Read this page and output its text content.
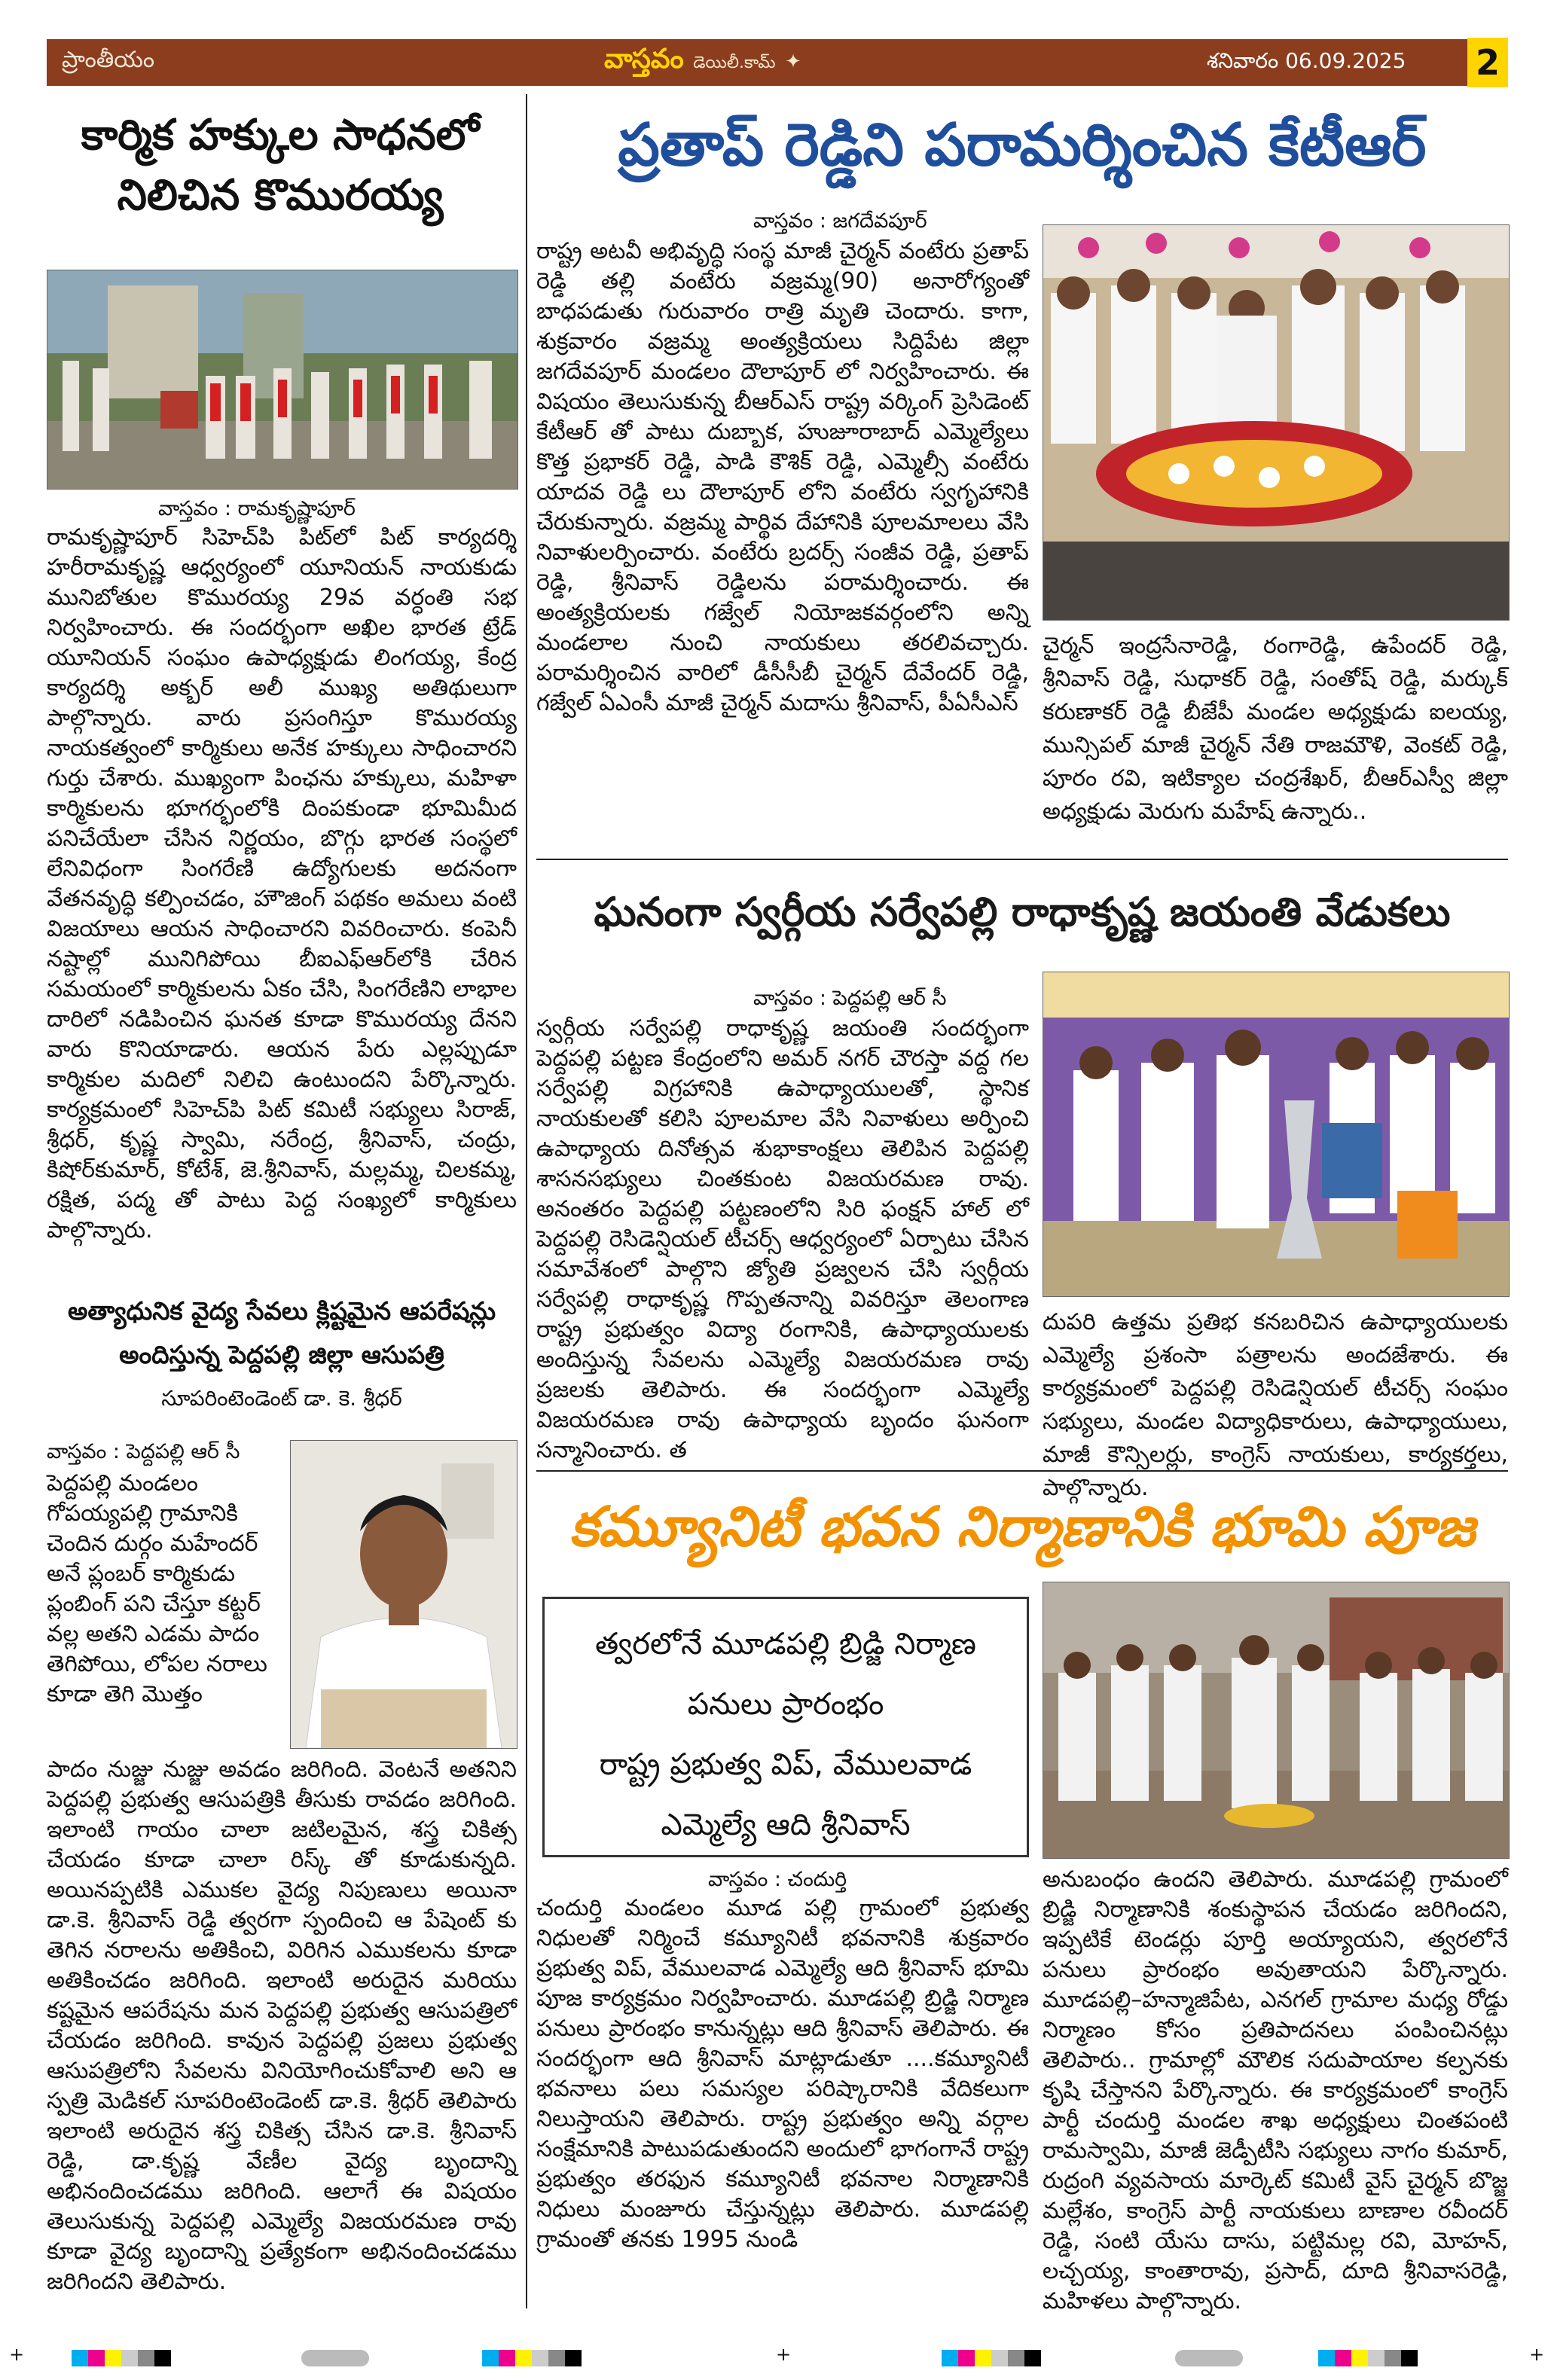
ప్రాంతీయం	వాస్తవం డెయిలీ.కామ్ ✦	శనివారం 06.09.2025 2
కార్మిక హక్కుల సాధనలో
నిలిచిన కొమురయ్య
వాస్తవం : రామకృష్ణాపూర్

రామకృష్ణాపూర్ సిహెచ్‌పి పిట్‌లో పిట్ కార్యదర్శి హరీరామకృష్ణ ఆధ్వర్యంలో యూనియన్ నాయకుడు మునిబోతుల కొమురయ్య 29వ వర్ధంతి సభ నిర్వహించారు. ఈ సందర్భంగా అఖిల భారత ట్రేడ్ యూనియన్ సంఘం ఉపాధ్యక్షుడు లింగయ్య, కేంద్ర కార్యదర్శి అక్బర్ అలీ ముఖ్య అతిథులుగా పాల్గొన్నారు. వారు ప్రసంగిస్తూ కొమురయ్య నాయకత్వంలో కార్మికులు అనేక హక్కులు సాధించారని గుర్తు చేశారు. ముఖ్యంగా పింఛను హక్కులు, మహిళా కార్మికులను భూగర్భంలోకి దింపకుండా భూమిమీద పనిచేయేలా చేసిన నిర్ణయం, బొగ్గు భారత సంస్థలో లేనివిధంగా సింగరేణి ఉద్యోగులకు అదనంగా వేతనవృద్ధి కల్పించడం, హౌజింగ్ పథకం అమలు వంటి విజయాలు ఆయన సాధించారని వివరించారు. కంపెనీ నష్టాల్లో మునిగిపోయి బీఐఎఫ్‌ఆర్‌లోకి చేరిన సమయంలో కార్మికులను ఏకం చేసి, సింగరేణిని లాభాల దారిలో నడిపించిన ఘనత కూడా కొమురయ్య దేనని వారు కొనియాడారు. ఆయన పేరు ఎల్లప్పుడూ కార్మికుల మదిలో నిలిచి ఉంటుందని పేర్కొన్నారు. కార్యక్రమంలో సిహెచ్‌పి పిట్ కమిటీ సభ్యులు సిరాజ్, శ్రీధర్, కృష్ణ స్వామి, నరేంద్ర, శ్రీనివాస్, చంద్రు, కిషోర్‌కుమార్, కోటేశ్, జె.శ్రీనివాస్, మల్లమ్మ, చిలకమ్మ, రక్షిత, పద్మ తో పాటు పెద్ద సంఖ్యలో కార్మికులు పాల్గొన్నారు.

అత్యాధునిక వైద్య సేవలు క్లిష్టమైన ఆపరేషన్లు
అందిస్తున్న పెద్దపల్లి జిల్లా ఆసుపత్రి
సూపరింటెండెంట్ డా. కె. శ్రీధర్
వాస్తవం : పెద్దపల్లి ఆర్ సీ

పెద్దపల్లి మండలం గోపయ్యపల్లి గ్రామానికి చెందిన దుర్గం మహేందర్ అనే ప్లంబర్ కార్మికుడు ప్లంబింగ్ పని చేస్తూ కట్టర్ వల్ల అతని ఎడమ పాదం తెగిపోయి, లోపల నరాలు కూడా తెగి మొత్తం

పాదం నుజ్జు నుజ్జు అవడం జరిగింది. వెంటనే అతనిని పెద్దపల్లి ప్రభుత్వ ఆసుపత్రికి తీసుకు రావడం జరిగింది. ఇలాంటి గాయం చాలా జటిలమైన, శస్త్ర చికిత్స చేయడం కూడా చాలా రిస్క్ తో కూడుకున్నది. అయినప్పటికి ఎముకల వైద్య నిపుణులు అయినా డా.కె. శ్రీనివాస్ రెడ్డి త్వరగా స్పందించి ఆ పేషెంట్ కు తెగిన నరాలను అతికించి, విరిగిన ఎముకలను కూడా అతికించడం జరిగింది. ఇలాంటి అరుదైన మరియు కష్టమైన ఆపరేషను మన పెద్దపల్లి ప్రభుత్వ ఆసుపత్రిలో చేయడం జరిగింది. కావున పెద్దపల్లి ప్రజలు ప్రభుత్వ ఆసుపత్రిలోని సేవలను వినియోగించుకోవాలి అని ఆ స్పత్రి మెడికల్ సూపరింటెండెంట్ డా.కె. శ్రీధర్ తెలిపారు ఇలాంటి అరుదైన శస్త్ర చికిత్స చేసిన డా.కె. శ్రీనివాస్ రెడ్డి, డా.కృష్ణ వేణీల వైద్య బృందాన్ని అభినందించడము జరిగింది. ఆలాగే ఈ విషయం తెలుసుకున్న పెద్దపల్లి ఎమ్మెల్యే విజయరమణ రావు కూడా వైద్య బృందాన్ని ప్రత్యేకంగా అభినందించడము జరిగిందని తెలిపారు.

ప్రతాప్ రెడ్డిని పరామర్శించిన కేటీఆర్
వాస్తవం : జగదేవపూర్

రాష్ట్ర అటవీ అభివృద్ధి సంస్థ మాజీ చైర్మన్ వంటేరు ప్రతాప్ రెడ్డి తల్లి వంటేరు వజ్రమ్మ(90) అనారోగ్యంతో బాధపడుతు గురువారం రాత్రి మృతి చెందారు. కాగా, శుక్రవారం వజ్రమ్మ అంత్యక్రియలు సిద్దిపేట జిల్లా జగదేవపూర్ మండలం దౌలాపూర్ లో నిర్వహించారు. ఈ విషయం తెలుసుకున్న బీఆర్ఎస్ రాష్ట్ర వర్కింగ్ ప్రెసిడెంట్ కేటీఆర్ తో పాటు దుబ్బాక, హుజూరాబాద్ ఎమ్మెల్యేలు కొత్త ప్రభాకర్ రెడ్డి, పాడి కౌశిక్ రెడ్డి, ఎమ్మెల్సీ వంటేరు యాదవ రెడ్డి లు దౌలాపూర్ లోని వంటేరు స్వగృహానికి చేరుకున్నారు. వజ్రమ్మ పార్థివ దేహానికి పూలమాలలు వేసి నివాళులర్పించారు. వంటేరు బ్రదర్స్ సంజీవ రెడ్డి, ప్రతాప్ రెడ్డి, శ్రీనివాస్ రెడ్డిలను పరామర్శించారు. ఈ అంత్యక్రియలకు గజ్వేల్ నియోజకవర్గంలోని అన్ని మండలాల నుంచి నాయకులు తరలివచ్చారు. పరామర్శించిన వారిలో డీసీసీబీ చైర్మన్ దేవేందర్ రెడ్డి, గజ్వేల్ ఏఎంసీ మాజీ చైర్మన్ మదాసు శ్రీనివాస్, పీఏసీఎస్

చైర్మన్ ఇంద్రసేనారెడ్డి, రంగారెడ్డి, ఉపేందర్ రెడ్డి, శ్రీనివాస్ రెడ్డి, సుధాకర్ రెడ్డి, సంతోష్ రెడ్డి, మర్కుక్ కరుణాకర్ రెడ్డి బీజేపీ మండల అధ్యక్షుడు ఐలయ్య, మున్సిపల్ మాజీ చైర్మన్ నేతి రాజమౌళి, వెంకట్ రెడ్డి, పూరం రవి, ఇటిక్యాల చంద్రశేఖర్, బీఆర్ఎస్వీ జిల్లా అధ్యక్షుడు మెరుగు మహేష్ ఉన్నారు..

ఘనంగా స్వర్గీయ సర్వేపల్లి రాధాకృష్ణ జయంతి వేడుకలు
వాస్తవం : పెద్దపల్లి ఆర్ సీ

స్వర్గీయ సర్వేపల్లి రాధాకృష్ణ జయంతి సందర్భంగా పెద్దపల్లి పట్టణ కేంద్రంలోని అమర్ నగర్ చౌరస్తా వద్ద గల సర్వేపల్లి విగ్రహానికి ఉపాధ్యాయులతో, స్థానిక నాయకులతో కలిసి పూలమాల వేసి నివాళులు అర్పించి ఉపాధ్యాయ దినోత్సవ శుభాకాంక్షలు తెలిపిన పెద్దపల్లి శాసనసభ్యులు చింతకుంట విజయరమణ రావు. అనంతరం పెద్దపల్లి పట్టణంలోని సిరి ఫంక్షన్ హాల్ లో పెద్దపల్లి రెసిడెన్షియల్ టీచర్స్ ఆధ్వర్యంలో ఏర్పాటు చేసిన సమావేశంలో పాల్గొని జ్యోతి ప్రజ్వలన చేసి స్వర్గీయ సర్వేపల్లి రాధాకృష్ణ గొప్పతనాన్ని వివరిస్తూ తెలంగాణ రాష్ట్ర ప్రభుత్వం విద్యా రంగానికి, ఉపాధ్యాయులకు అందిస్తున్న సేవలను ఎమ్మెల్యే విజయరమణ రావు ప్రజలకు తెలిపారు. ఈ సందర్భంగా ఎమ్మెల్యే విజయరమణ రావు ఉపాధ్యాయ బృందం ఘనంగా సన్మానించారు. త

దుపరి ఉత్తమ ప్రతిభ కనబరిచిన ఉపాధ్యాయులకు ఎమ్మెల్యే ప్రశంసా పత్రాలను అందజేశారు. ఈ కార్యక్రమంలో పెద్దపల్లి రెసిడెన్షియల్ టీచర్స్ సంఘం సభ్యులు, మండల విద్యాధికారులు, ఉపాధ్యాయులు, మాజీ కౌన్సిలర్లు, కాంగ్రెస్ నాయకులు, కార్యకర్తలు, పాల్గొన్నారు.

కమ్యూనిటీ భవన నిర్మాణానికి భూమి పూజ
త్వరలోనే మూడపల్లి బ్రిడ్జి నిర్మాణ
పనులు ప్రారంభం
రాష్ట్ర ప్రభుత్వ విప్, వేములవాడ
ఎమ్మెల్యే ఆది శ్రీనివాస్
వాస్తవం : చందుర్తి

చందుర్తి మండలం మూడ పల్లి గ్రామంలో ప్రభుత్వ నిధులతో నిర్మించే కమ్యూనిటీ భవనానికి శుక్రవారం ప్రభుత్వ విప్, వేములవాడ ఎమ్మెల్యే ఆది శ్రీనివాస్ భూమి పూజ కార్యక్రమం నిర్వహించారు. మూడపల్లి బ్రిడ్జి నిర్మాణ పనులు ప్రారంభం కానున్నట్లు ఆది శ్రీనివాస్ తెలిపారు. ఈ సందర్భంగా ఆది శ్రీనివాస్ మాట్లాడుతూ ....కమ్యూనిటీ భవనాలు పలు సమస్యల పరిష్కారానికి వేదికలుగా నిలుస్తాయని తెలిపారు. రాష్ట్ర ప్రభుత్వం అన్ని వర్గాల సంక్షేమానికి పాటుపడుతుందని అందులో భాగంగానే రాష్ట్ర ప్రభుత్వం తరఫున కమ్యూనిటీ భవనాల నిర్మాణానికి నిధులు మంజూరు చేస్తున్నట్లు తెలిపారు. మూడపల్లి గ్రామంతో తనకు 1995 నుండి

అనుబంధం ఉందని తెలిపారు. మూడపల్లి గ్రామంలో బ్రిడ్జి నిర్మాణానికి శంకుస్థాపన చేయడం జరిగిందని, ఇప్పటికే టెండర్లు పూర్తి అయ్యాయని, త్వరలోనే పనులు ప్రారంభం అవుతాయని పేర్కొన్నారు. మూడపల్లి–హన్మాజిపేట, ఎనగల్ గ్రామాల మధ్య రోడ్డు నిర్మాణం కోసం ప్రతిపాదనలు పంపించినట్లు తెలిపారు.. గ్రామాల్లో మౌలిక సదుపాయాల కల్పనకు కృషి చేస్తానని పేర్కొన్నారు. ఈ కార్యక్రమంలో కాంగ్రెస్ పార్టీ చందుర్తి మండల శాఖ అధ్యక్షులు చింతపంటి రామస్వామి, మాజీ జెడ్పీటీసి సభ్యులు నాగం కుమార్, రుద్రంగి వ్యవసాయ మార్కెట్ కమిటీ వైస్ చైర్మన్ బొజ్జ మల్లేశం, కాంగ్రెస్ పార్టీ నాయకులు బాణాల రవీందర్ రెడ్డి, సంటి యేసు దాసు, పట్టిమల్ల రవి, మోహన్, లచ్చయ్య, కాంతారావు, ప్రసాద్, దూది శ్రీనివాసరెడ్డి, మహిళలు పాల్గొన్నారు.

+	+	+
